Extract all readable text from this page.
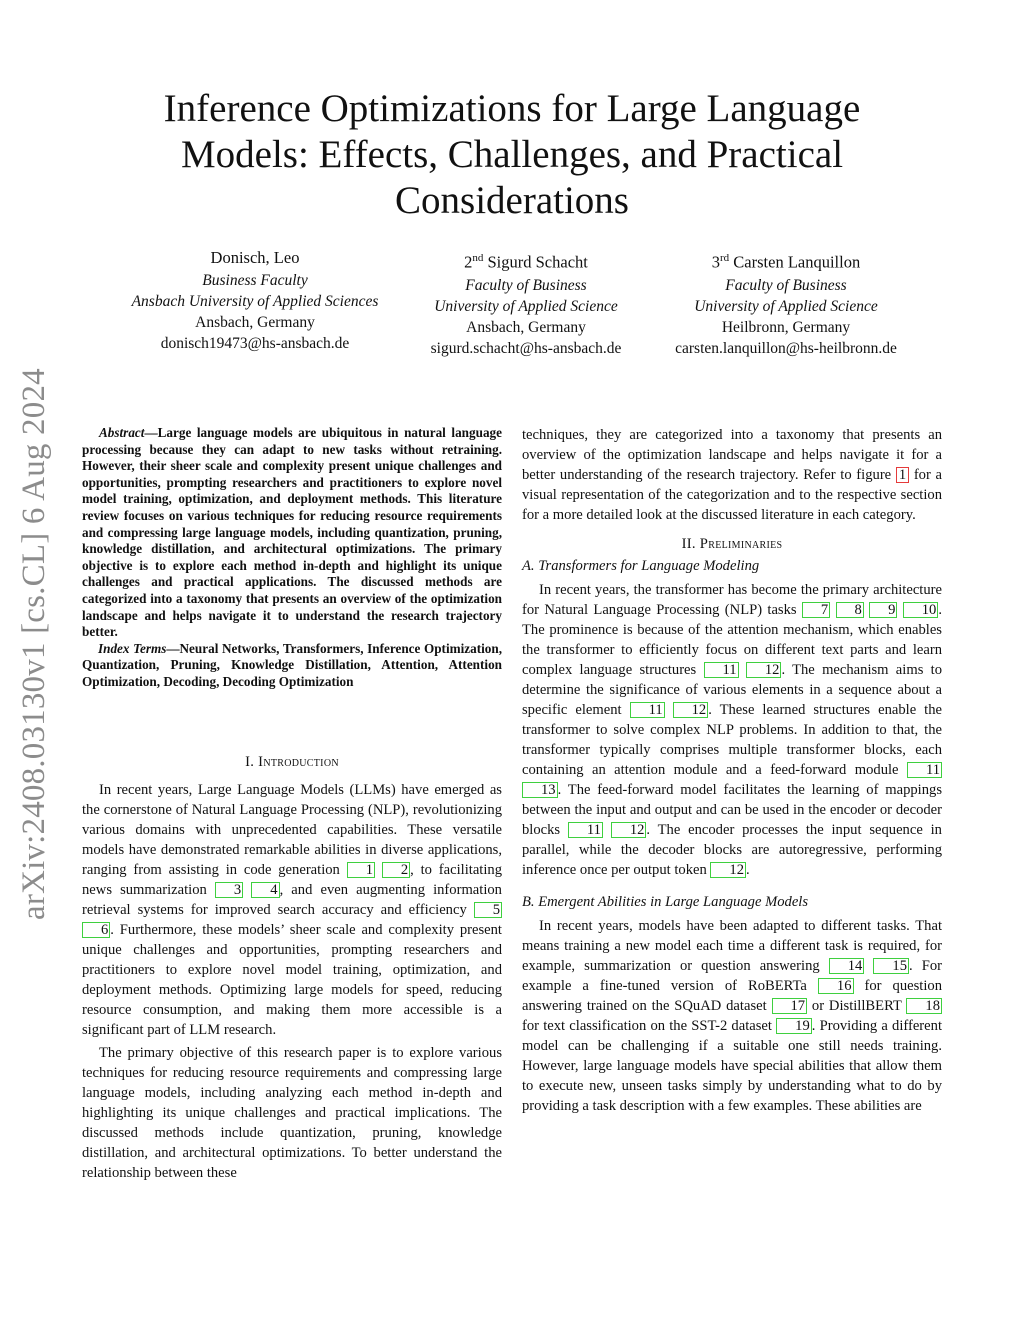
arXiv:2408.03130v1 [cs.CL] 6 Aug 2024
Inference Optimizations for Large Language Models: Effects, Challenges, and Practical Considerations
Donisch, Leo
Business Faculty
Ansbach University of Applied Sciences
Ansbach, Germany
donisch19473@hs-ansbach.de
2nd Sigurd Schacht
Faculty of Business
University of Applied Science
Ansbach, Germany
sigurd.schacht@hs-ansbach.de
3rd Carsten Lanquillon
Faculty of Business
University of Applied Science
Heilbronn, Germany
carsten.lanquillon@hs-heilbronn.de

Abstract—Large language models are ubiquitous in natural language processing because they can adapt to new tasks without retraining. However, their sheer scale and complexity present unique challenges and opportunities, prompting researchers and practitioners to explore novel model training, optimization, and deployment methods. This literature review focuses on various techniques for reducing resource requirements and compressing large language models, including quantization, pruning, knowledge distillation, and architectural optimizations. The primary objective is to explore each method in-depth and highlight its unique challenges and practical applications. The discussed methods are categorized into a taxonomy that presents an overview of the optimization landscape and helps navigate it to understand the research trajectory better.

Index Terms—Neural Networks, Transformers, Inference Optimization, Quantization, Pruning, Knowledge Distillation, Attention, Attention Optimization, Decoding, Decoding Optimization

I. Introduction

In recent years, Large Language Models (LLMs) have emerged as the cornerstone of Natural Language Processing (NLP), revolutionizing various domains with unprecedented capabilities. These versatile models have demonstrated remarkable abilities in diverse applications, ranging from assisting in code generation 1 2 , to facilitating news summarization 3 4 , and even augmenting information retrieval systems for improved search accuracy and efficiency 5 6 . Furthermore, these models’ sheer scale and complexity present unique challenges and opportunities, prompting researchers and practitioners to explore novel model training, optimization, and deployment methods. Optimizing large models for speed, reducing resource consumption, and making them more accessible is a significant part of LLM research.

The primary objective of this research paper is to explore various techniques for reducing resource requirements and compressing large language models, including analyzing each method in-depth and highlighting its unique challenges and practical implications. The discussed methods include quantization, pruning, knowledge distillation, and architectural optimizations. To better understand the relationship between these

techniques, they are categorized into a taxonomy that presents an overview of the optimization landscape and helps navigate it for a better understanding of the research trajectory. Refer to figure 1 for a visual representation of the categorization and to the respective section for a more detailed look at the discussed literature in each category.

II. Preliminaries

A. Transformers for Language Modeling

In recent years, the transformer has become the primary architecture for Natural Language Processing (NLP) tasks 7 8 9 10 . The prominence is because of the attention mechanism, which enables the transformer to efficiently focus on different text parts and learn complex language structures 11 12 . The mechanism aims to determine the significance of various elements in a sequence about a specific element 11 12 . These learned structures enable the transformer to solve complex NLP problems. In addition to that, the transformer typically comprises multiple transformer blocks, each containing an attention module and a feed-forward module 11 13 . The feed-forward model facilitates the learning of mappings between the input and output and can be used in the encoder or decoder blocks 11 12 . The encoder processes the input sequence in parallel, while the decoder blocks are autoregressive, performing inference once per output token 12 .

B. Emergent Abilities in Large Language Models

In recent years, models have been adapted to different tasks. That means training a new model each time a different task is required, for example, summarization or question answering 14 15 . For example a fine-tuned version of RoBERTa 16 for question answering trained on the SQuAD dataset 17 or DistillBERT 18 for text classification on the SST-2 dataset 19 . Providing a different model can be challenging if a suitable one still needs training. However, large language models have special abilities that allow them to execute new, unseen tasks simply by understanding what to do by providing a task description with a few examples. These abilities are
